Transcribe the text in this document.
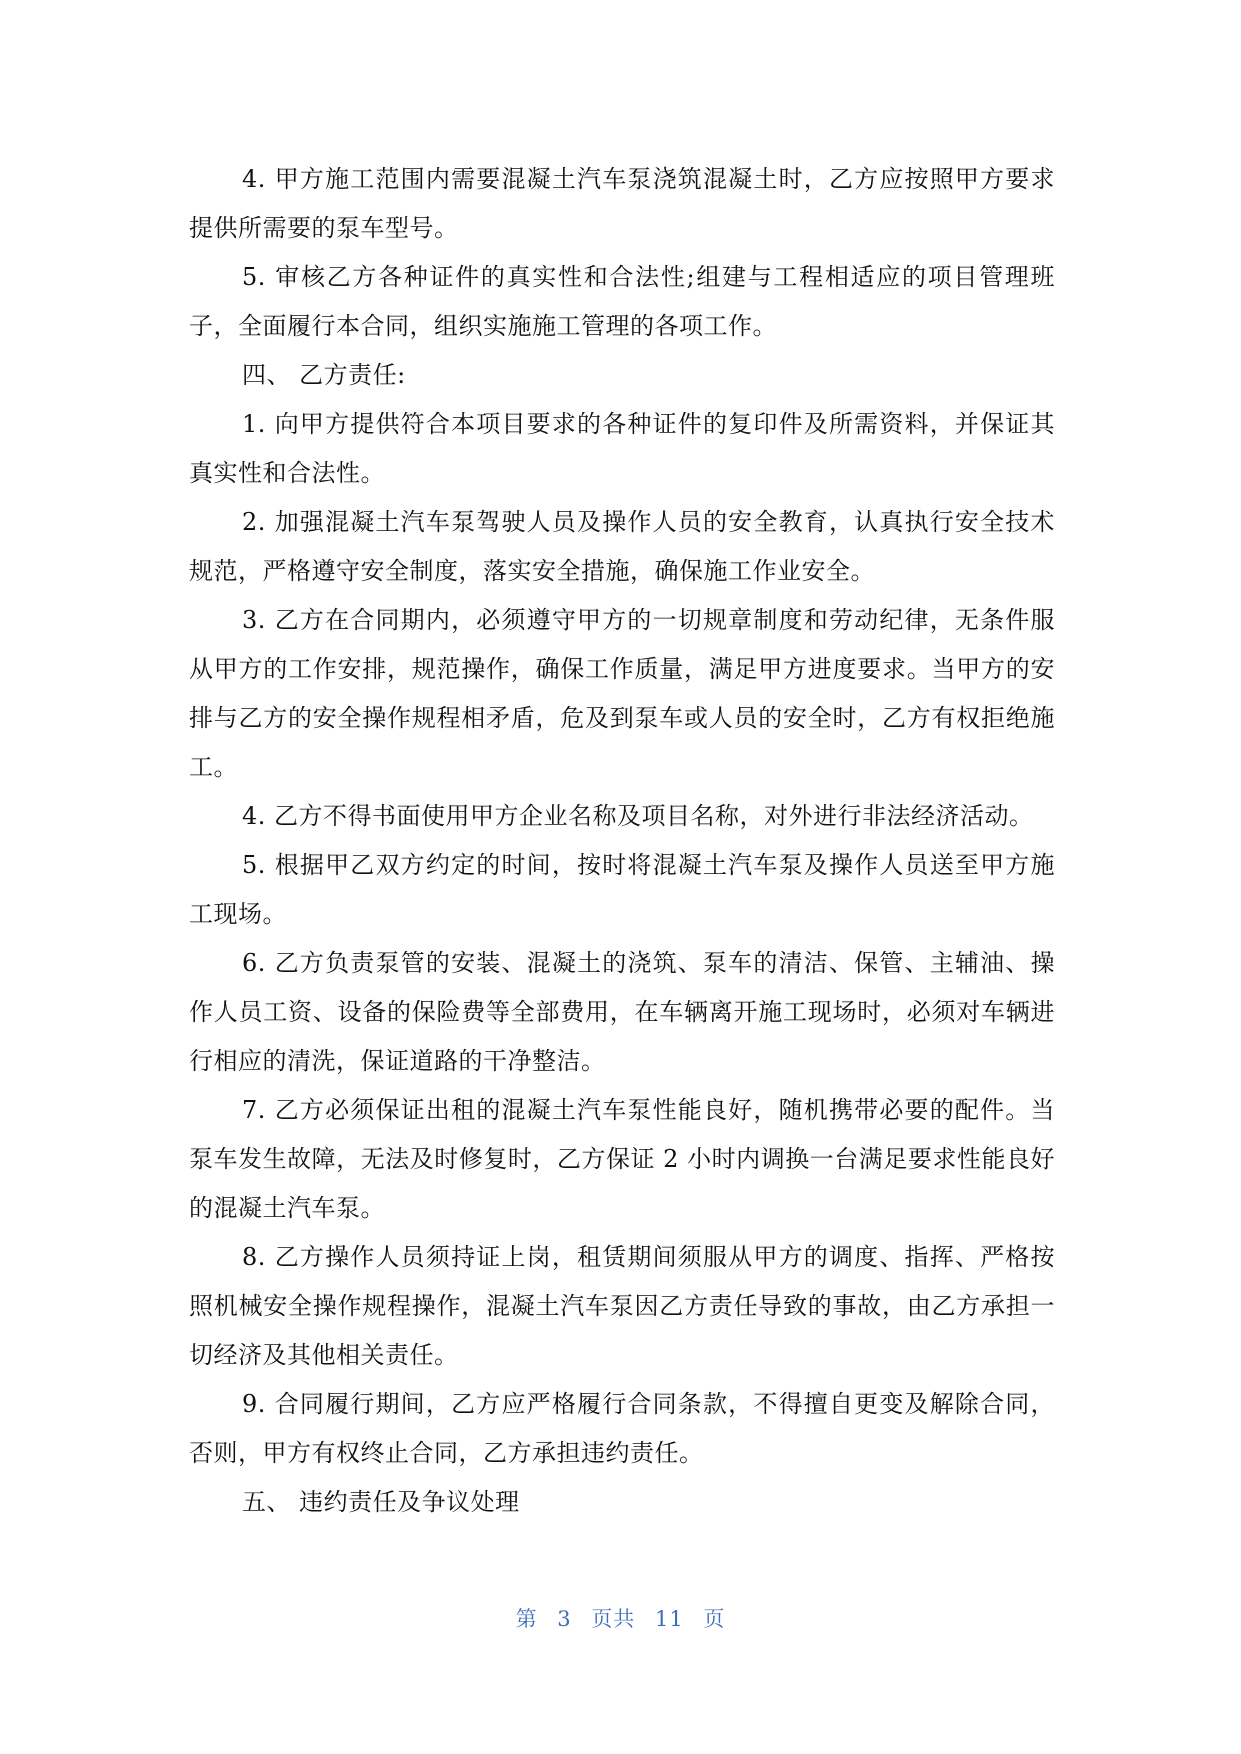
4. 甲方施工范围内需要混凝土汽车泵浇筑混凝土时，乙方应按照甲方要求提供所需要的泵车型号。

5. 审核乙方各种证件的真实性和合法性;组建与工程相适应的项目管理班子，全面履行本合同，组织实施施工管理的各项工作。

四、 乙方责任:

1. 向甲方提供符合本项目要求的各种证件的复印件及所需资料，并保证其真实性和合法性。

2. 加强混凝土汽车泵驾驶人员及操作人员的安全教育，认真执行安全技术规范，严格遵守安全制度，落实安全措施，确保施工作业安全。

3. 乙方在合同期内，必须遵守甲方的一切规章制度和劳动纪律，无条件服从甲方的工作安排，规范操作，确保工作质量，满足甲方进度要求。当甲方的安排与乙方的安全操作规程相矛盾，危及到泵车或人员的安全时，乙方有权拒绝施工。

4. 乙方不得书面使用甲方企业名称及项目名称，对外进行非法经济活动。

5. 根据甲乙双方约定的时间，按时将混凝土汽车泵及操作人员送至甲方施工现场。

6. 乙方负责泵管的安装、混凝土的浇筑、泵车的清洁、保管、主辅油、操作人员工资、设备的保险费等全部费用，在车辆离开施工现场时，必须对车辆进行相应的清洗，保证道路的干净整洁。

7. 乙方必须保证出租的混凝土汽车泵性能良好，随机携带必要的配件。当泵车发生故障，无法及时修复时，乙方保证 2 小时内调换一台满足要求性能良好的混凝土汽车泵。

8. 乙方操作人员须持证上岗，租赁期间须服从甲方的调度、指挥、严格按照机械安全操作规程操作，混凝土汽车泵因乙方责任导致的事故，由乙方承担一切经济及其他相关责任。

9. 合同履行期间，乙方应严格履行合同条款，不得擅自更变及解除合同，否则，甲方有权终止合同，乙方承担违约责任。

五、 违约责任及争议处理

第 3 页共 11 页
